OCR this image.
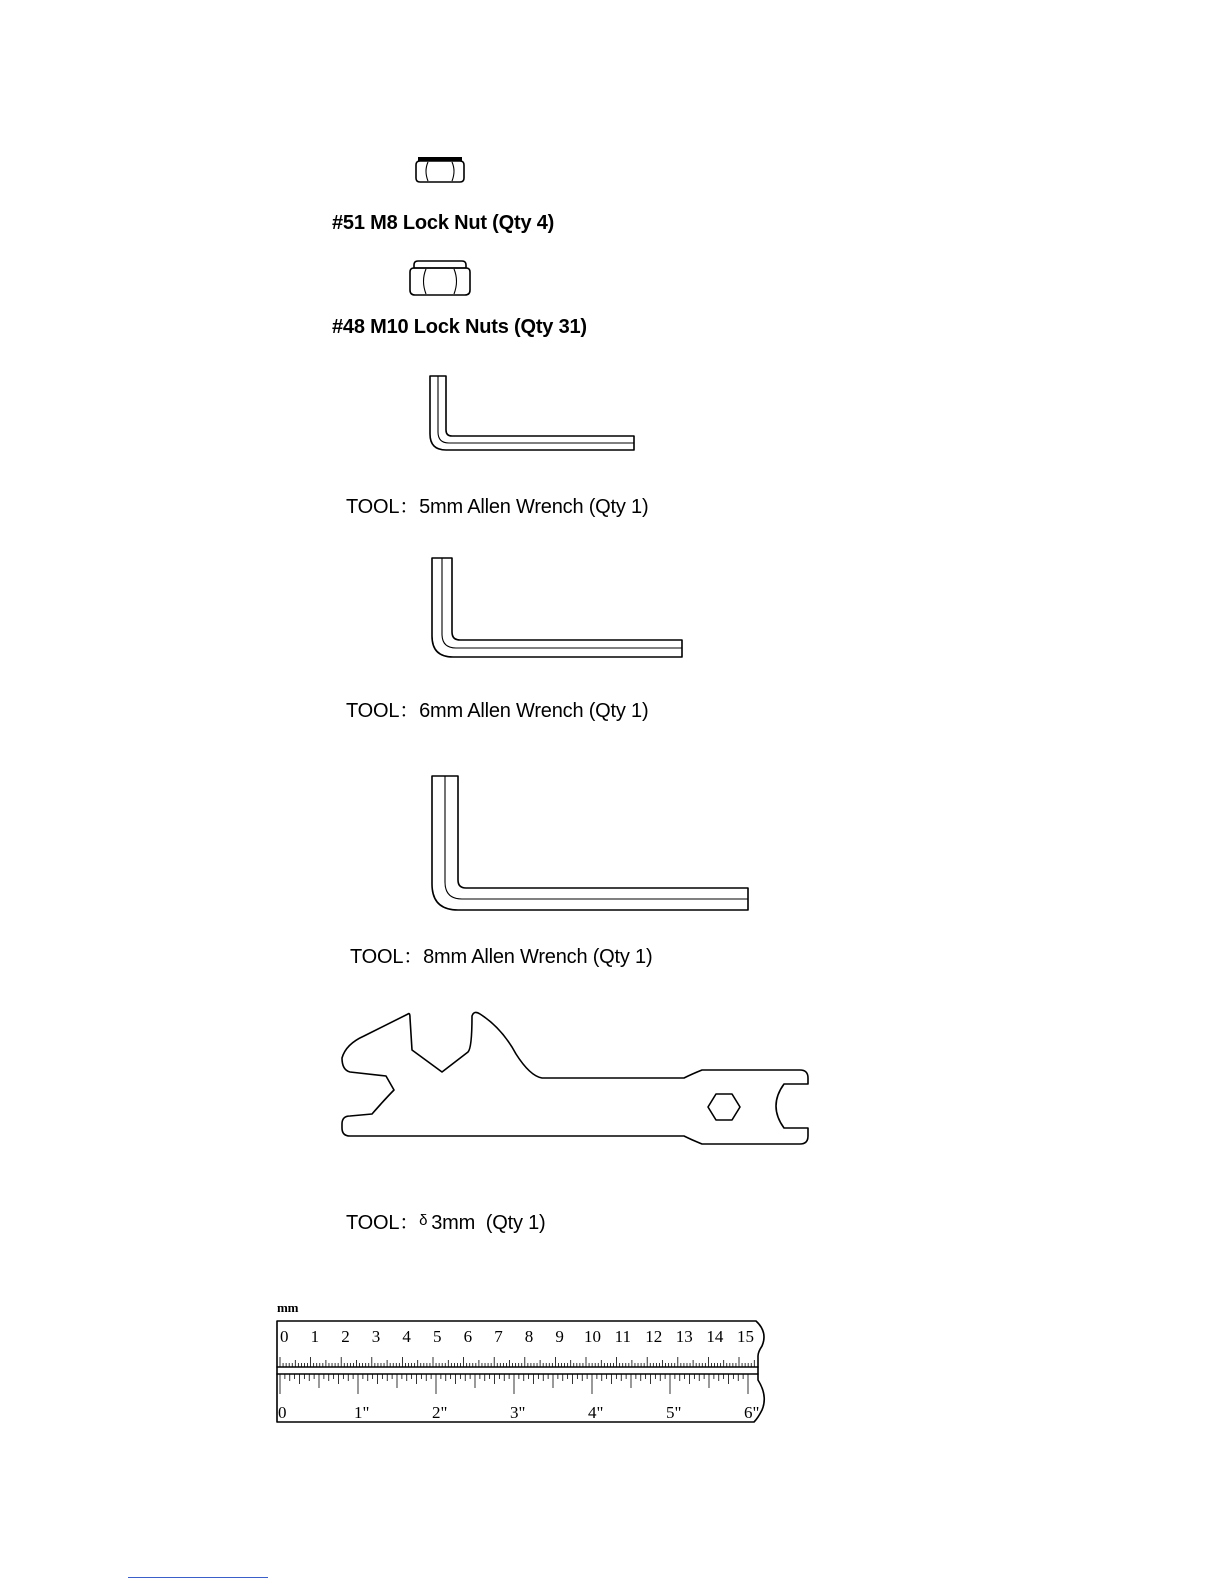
#51 M8 Lock Nut (Qty 4)
#48 M10 Lock Nuts (Qty 31)
TOOL：5mm Allen Wrench (Qty 1)
TOOL：6mm Allen Wrench (Qty 1)
TOOL：8mm Allen Wrench (Qty 1)
TOOL：$^\delta$ 3mm  (Qty 1)
mm
0 1 2 3 4 5 6 7 8 9 10 11 12 13 14 15
0	1"	2"	3"	4"	5"	6"
